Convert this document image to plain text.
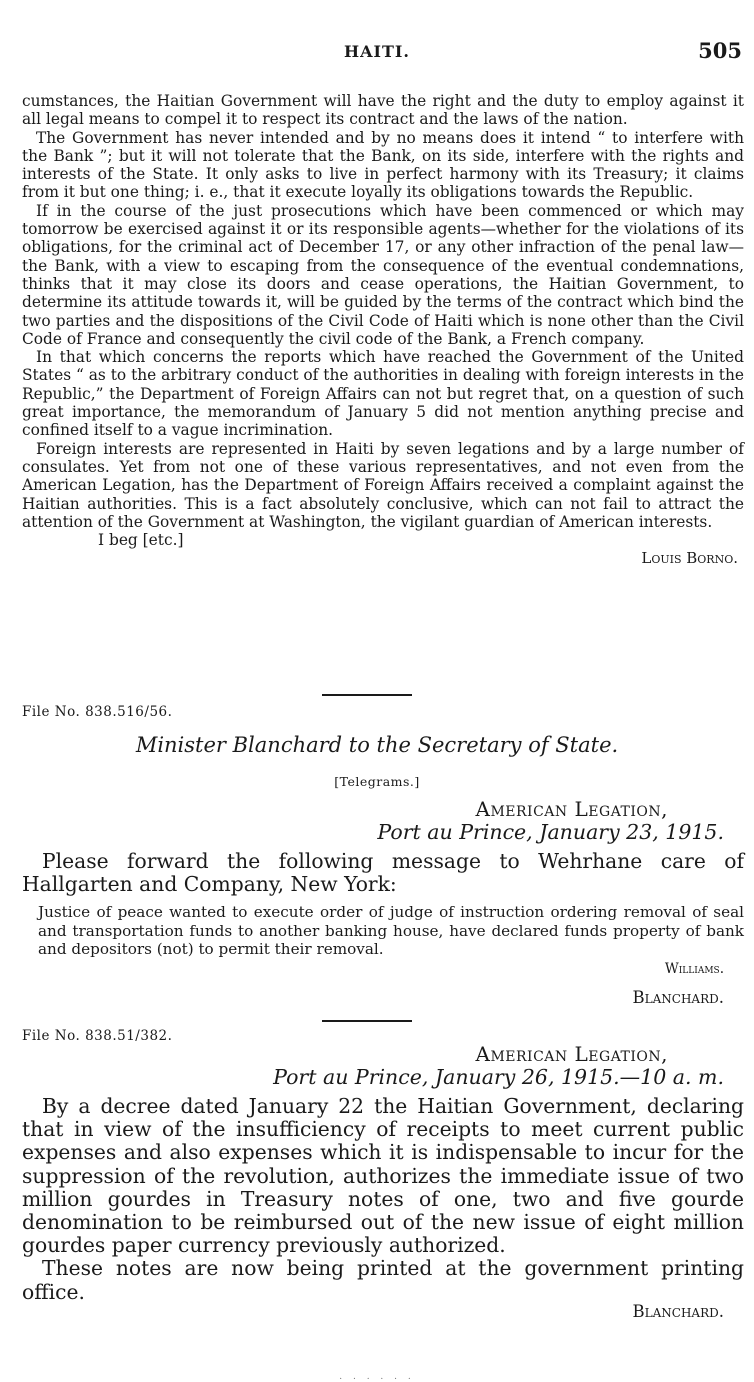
HAITI.	505

cumstances, the Haitian Government will have the right and the duty to employ against it all legal means to compel it to respect its contract and the laws of the nation.

The Government has never intended and by no means does it intend “ to interfere with the Bank ”; but it will not tolerate that the Bank, on its side, interfere with the rights and interests of the State. It only asks to live in perfect harmony with its Treasury; it claims from it but one thing; i. e., that it execute loyally its obligations towards the Republic.

If in the course of the just prosecutions which have been commenced or which may tomorrow be exercised against it or its responsible agents—whether for the violations of its obligations, for the criminal act of December 17, or any other infraction of the penal law—the Bank, with a view to escaping from the consequence of the eventual condemnations, thinks that it may close its doors and cease operations, the Haitian Government, to determine its attitude towards it, will be guided by the terms of the contract which bind the two parties and the dispositions of the Civil Code of Haiti which is none other than the Civil Code of France and consequently the civil code of the Bank, a French company.

In that which concerns the reports which have reached the Government of the United States “ as to the arbitrary conduct of the authorities in dealing with foreign interests in the Republic,” the Department of Foreign Affairs can not but regret that, on a question of such great importance, the memorandum of January 5 did not mention anything precise and confined itself to a vague incrimination.

Foreign interests are represented in Haiti by seven legations and by a large number of consulates. Yet from not one of these various representatives, and not even from the American Legation, has the Department of Foreign Affairs received a complaint against the Haitian authorities. This is a fact absolutely conclusive, which can not fail to attract the attention of the Government at Washington, the vigilant guardian of American interests.

I beg [etc.]

Louis Borno.

File No. 838.516/56.
Minister Blanchard to the Secretary of State.
[Telegrams.]
American Legation,
Port au Prince, January 23, 1915.

Please forward the following message to Wehrhane care of Hallgarten and Company, New York:

Justice of peace wanted to execute order of judge of instruction ordering removal of seal and transportation funds to another banking house, have declared funds property of bank and depositors (not) to permit their removal.

Williams.
Blanchard.
File No. 838.51/382.
American Legation,
Port au Prince, January 26, 1915.—10 a. m.

By a decree dated January 22 the Haitian Government, declaring that in view of the insufficiency of receipts to meet current public expenses and also expenses which it is indispensable to incur for the suppression of the revolution, authorizes the immediate issue of two million gourdes in Treasury notes of one, two and five gourde denomination to be reimbursed out of the new issue of eight million gourdes paper currency previously authorized.

These notes are now being printed at the government printing office.

Blanchard.
. . . . . .
